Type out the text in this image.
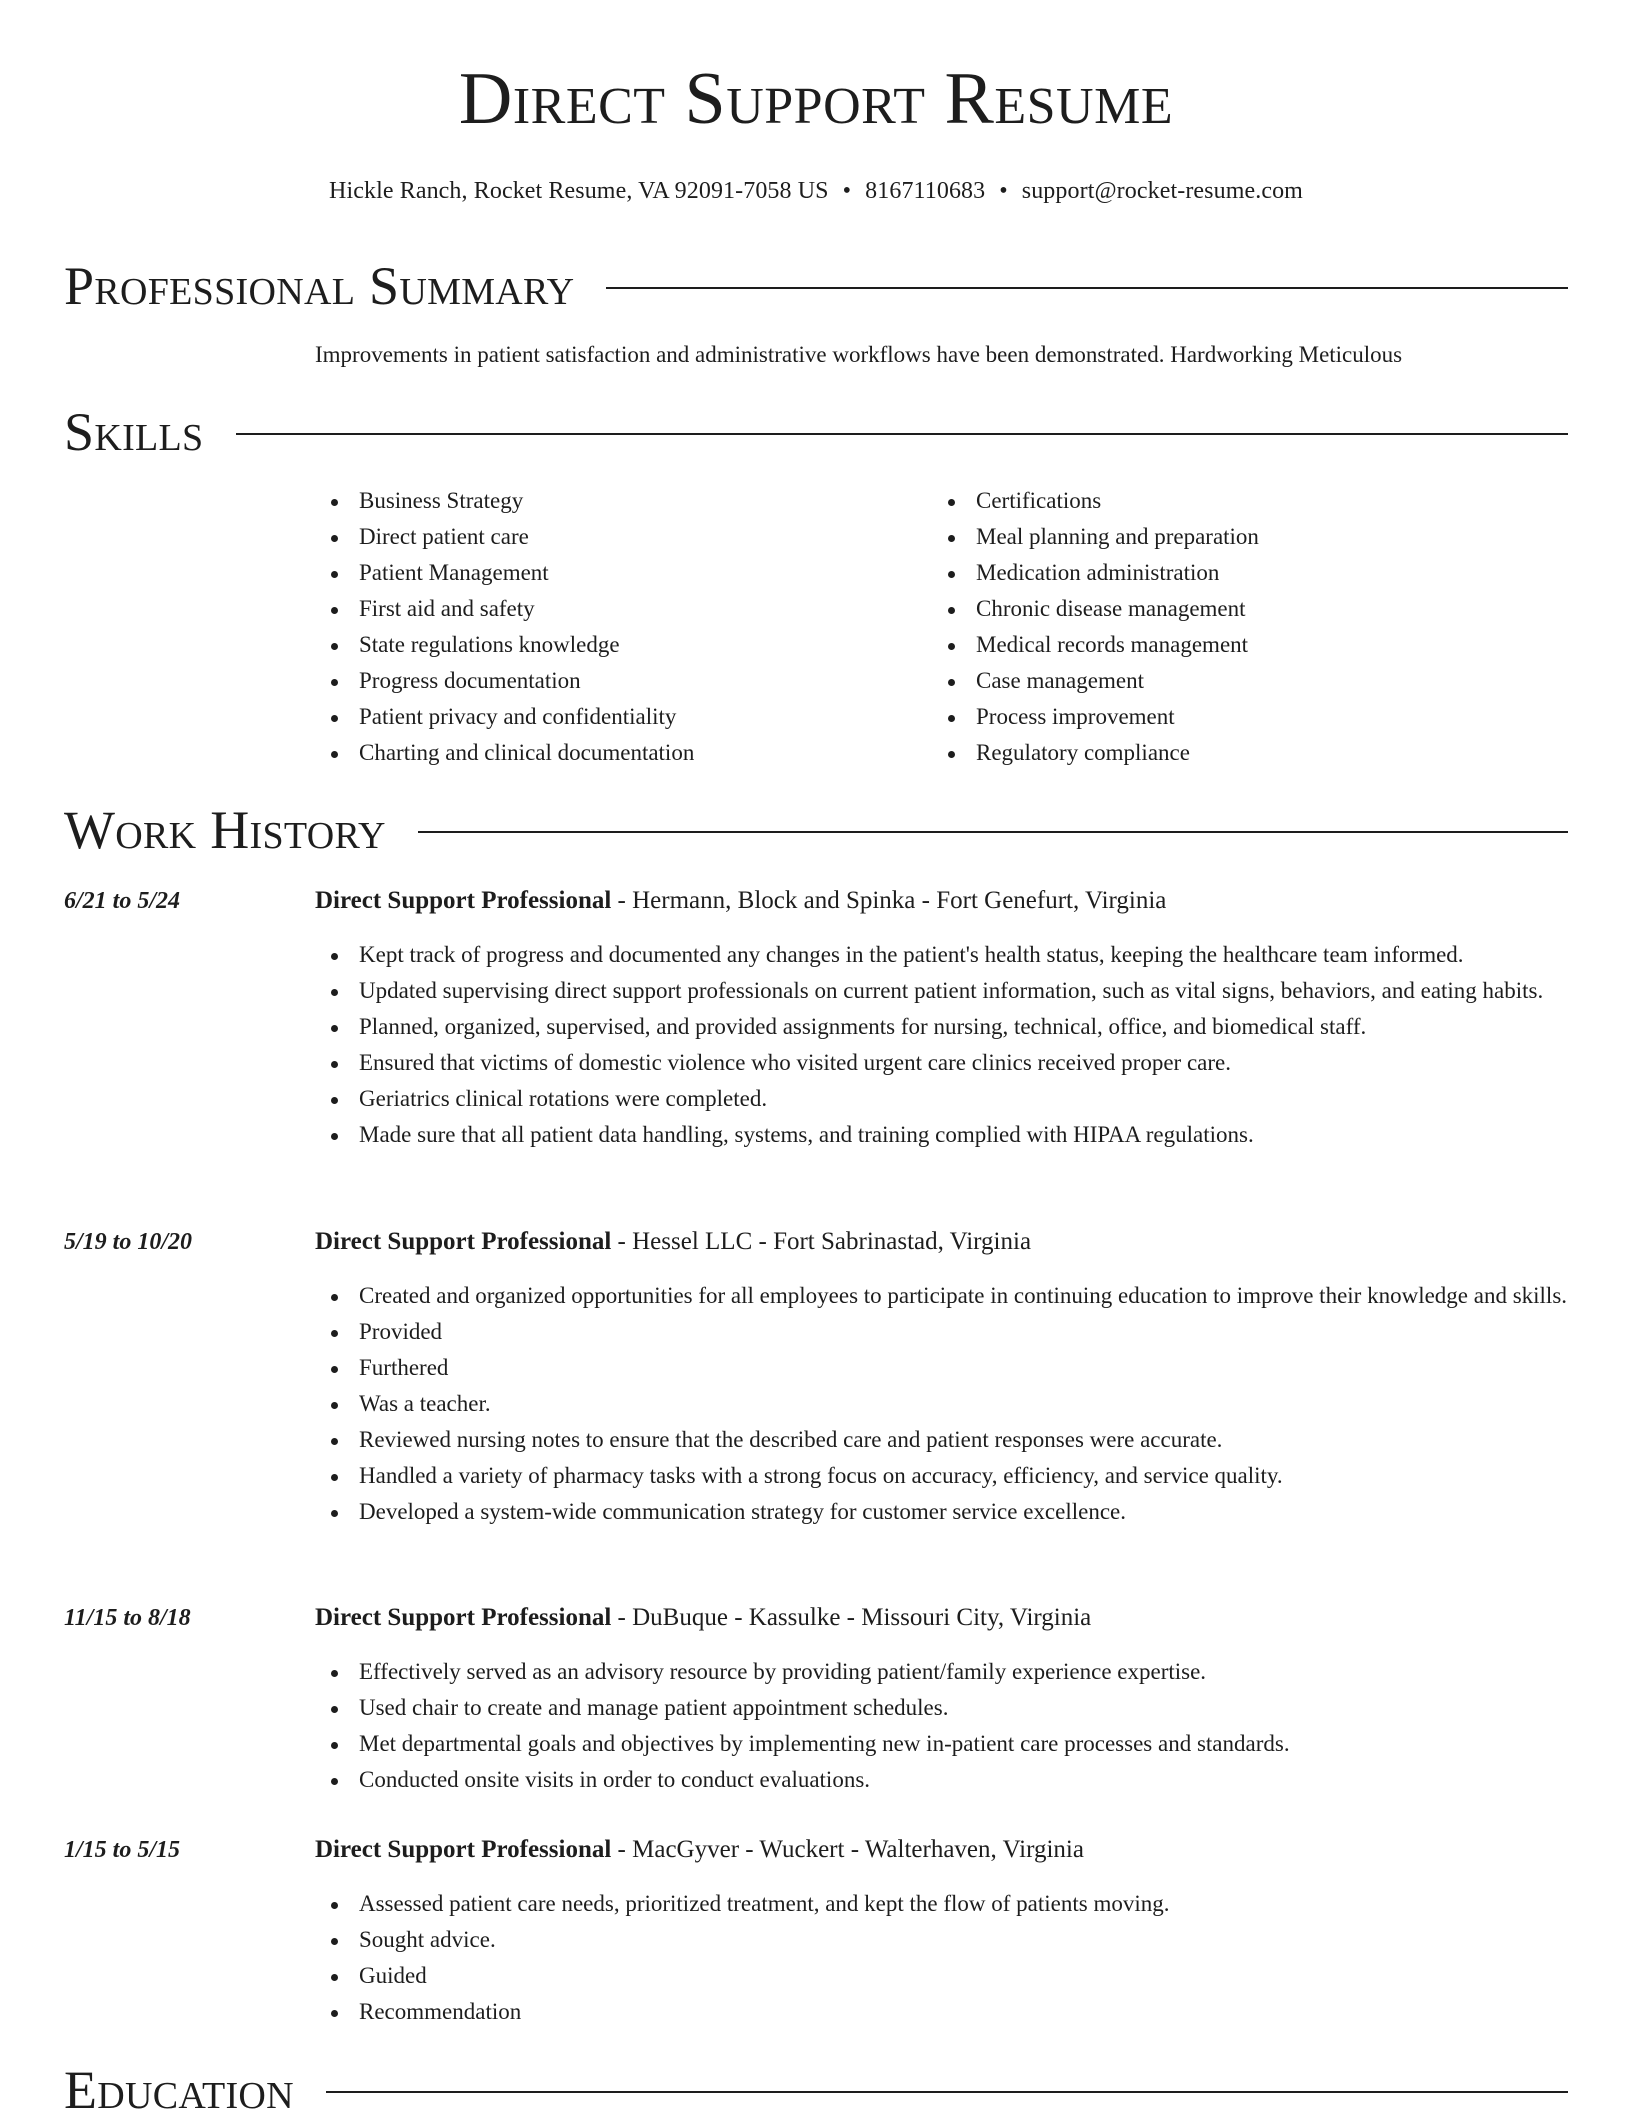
Direct Support Resume
Hickle Ranch, Rocket Resume, VA 92091-7058 US • 8167110683 • support@rocket-resume.com
Professional Summary
Improvements in patient satisfaction and administrative workflows have been demonstrated. Hardworking Meticulous
Skills
Business Strategy
Direct patient care
Patient Management
First aid and safety
State regulations knowledge
Progress documentation
Patient privacy and confidentiality
Charting and clinical documentation
Certifications
Meal planning and preparation
Medication administration
Chronic disease management
Medical records management
Case management
Process improvement
Regulatory compliance
Work History
6/21 to 5/24	Direct Support Professional - Hermann, Block and Spinka - Fort Genefurt, Virginia
Kept track of progress and documented any changes in the patient's health status, keeping the healthcare team informed.
Updated supervising direct support professionals on current patient information, such as vital signs, behaviors, and eating habits.
Planned, organized, supervised, and provided assignments for nursing, technical, office, and biomedical staff.
Ensured that victims of domestic violence who visited urgent care clinics received proper care.
Geriatrics clinical rotations were completed.
Made sure that all patient data handling, systems, and training complied with HIPAA regulations.
5/19 to 10/20	Direct Support Professional - Hessel LLC - Fort Sabrinastad, Virginia
Created and organized opportunities for all employees to participate in continuing education to improve their knowledge and skills.
Provided
Furthered
Was a teacher.
Reviewed nursing notes to ensure that the described care and patient responses were accurate.
Handled a variety of pharmacy tasks with a strong focus on accuracy, efficiency, and service quality.
Developed a system-wide communication strategy for customer service excellence.
11/15 to 8/18	Direct Support Professional - DuBuque - Kassulke - Missouri City, Virginia
Effectively served as an advisory resource by providing patient/family experience expertise.
Used chair to create and manage patient appointment schedules.
Met departmental goals and objectives by implementing new in-patient care processes and standards.
Conducted onsite visits in order to conduct evaluations.
1/15 to 5/15	Direct Support Professional - MacGyver - Wuckert - Walterhaven, Virginia
Assessed patient care needs, prioritized treatment, and kept the flow of patients moving.
Sought advice.
Guided
Recommendation
Education
